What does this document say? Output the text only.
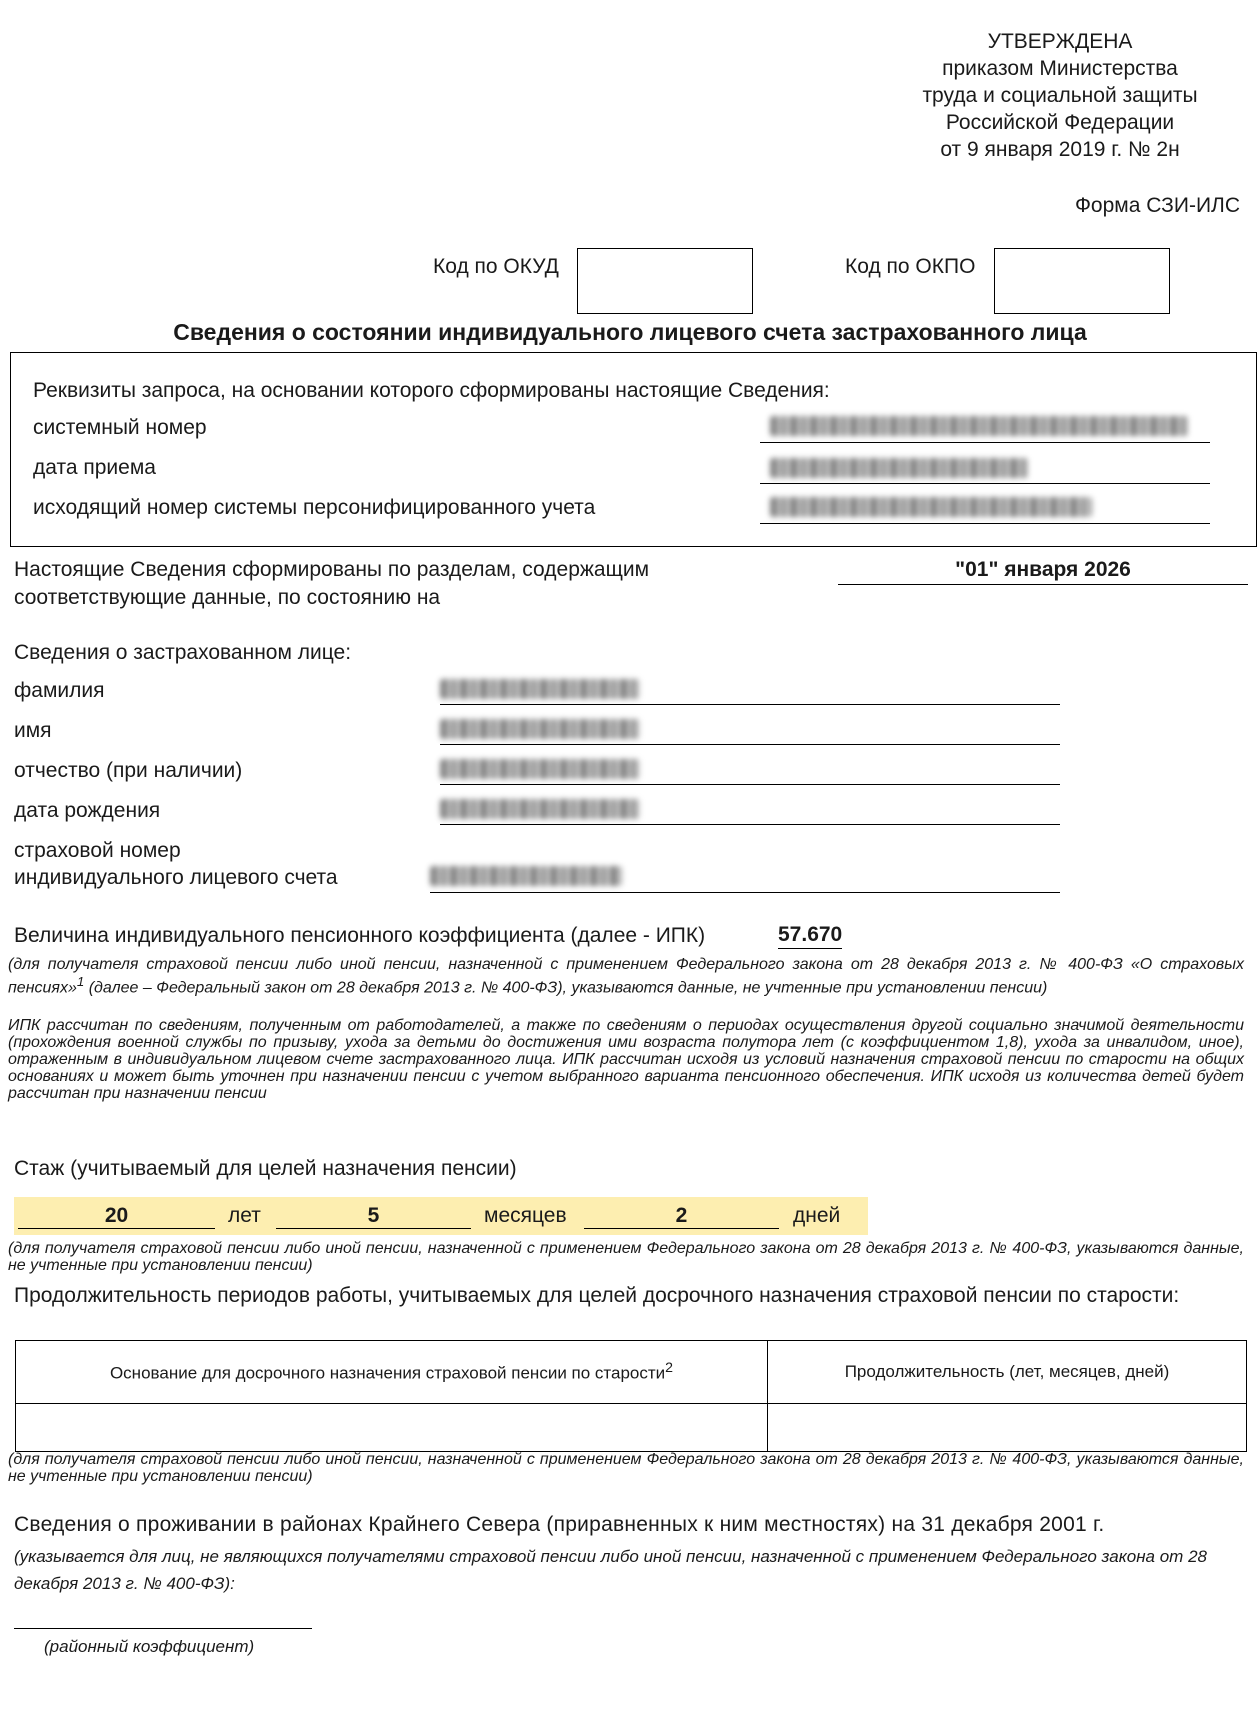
УТВЕРЖДЕНА
приказом Министерства
труда и социальной защиты
Российской Федерации
от 9 января 2019 г. № 2н
Форма СЗИ-ИЛС
Код по ОКУД	Код по ОКПО
Сведения о состоянии индивидуального лицевого счета застрахованного лица
Реквизиты запроса, на основании которого сформированы настоящие Сведения:
системный номер
дата приема
исходящий номер системы персонифицированного учета
Настоящие Сведения сформированы по разделам, содержащим
соответствующие данные, по состоянию на
"01" января 2026
Сведения о застрахованном лице:
фамилия
имя
отчество (при наличии)
дата рождения
страховой номер
индивидуального лицевого счета
Величина индивидуального пенсионного коэффициента (далее - ИПК)	57.670
(для получателя страховой пенсии либо иной пенсии, назначенной с применением Федерального закона от 28 декабря 2013 г. № 400-ФЗ «О страховых пенсиях»$^1$ (далее – Федеральный закон от 28 декабря 2013 г. № 400-ФЗ), указываются данные, не учтенные при установлении пенсии)
ИПК рассчитан по сведениям, полученным от работодателей, а также по сведениям о периодах осуществления другой социально значимой деятельности (прохождения военной службы по призыву, ухода за детьми до достижения ими возраста полутора лет (с коэффициентом 1,8), ухода за инвалидом, иное), отраженным в индивидуальном лицевом счете застрахованного лица. ИПК рассчитан исходя из условий назначения страховой пенсии по старости на общих основаниях и может быть уточнен при назначении пенсии с учетом выбранного варианта пенсионного обеспечения. ИПК исходя из количества детей будет рассчитан при назначении пенсии
Стаж (учитываемый для целей назначения пенсии)
20	лет	5	месяцев	2	дней
(для получателя страховой пенсии либо иной пенсии, назначенной с применением Федерального закона от 28 декабря 2013 г. № 400-ФЗ, указываются данные, не учтенные при установлении пенсии)
Продолжительность периодов работы, учитываемых для целей досрочного назначения страховой пенсии по старости:
Основание для досрочного назначения страховой пенсии по старости$^2$	Продолжительность (лет, месяцев, дней)

(для получателя страховой пенсии либо иной пенсии, назначенной с применением Федерального закона от 28 декабря 2013 г. № 400-ФЗ, указываются данные, не учтенные при установлении пенсии)
Сведения о проживании в районах Крайнего Севера (приравненных к ним местностях) на 31 декабря 2001 г.
(указывается для лиц, не являющихся получателями страховой пенсии либо иной пенсии, назначенной с применением Федерального закона от 28 декабря 2013 г. № 400-ФЗ):
(районный коэффициент)
